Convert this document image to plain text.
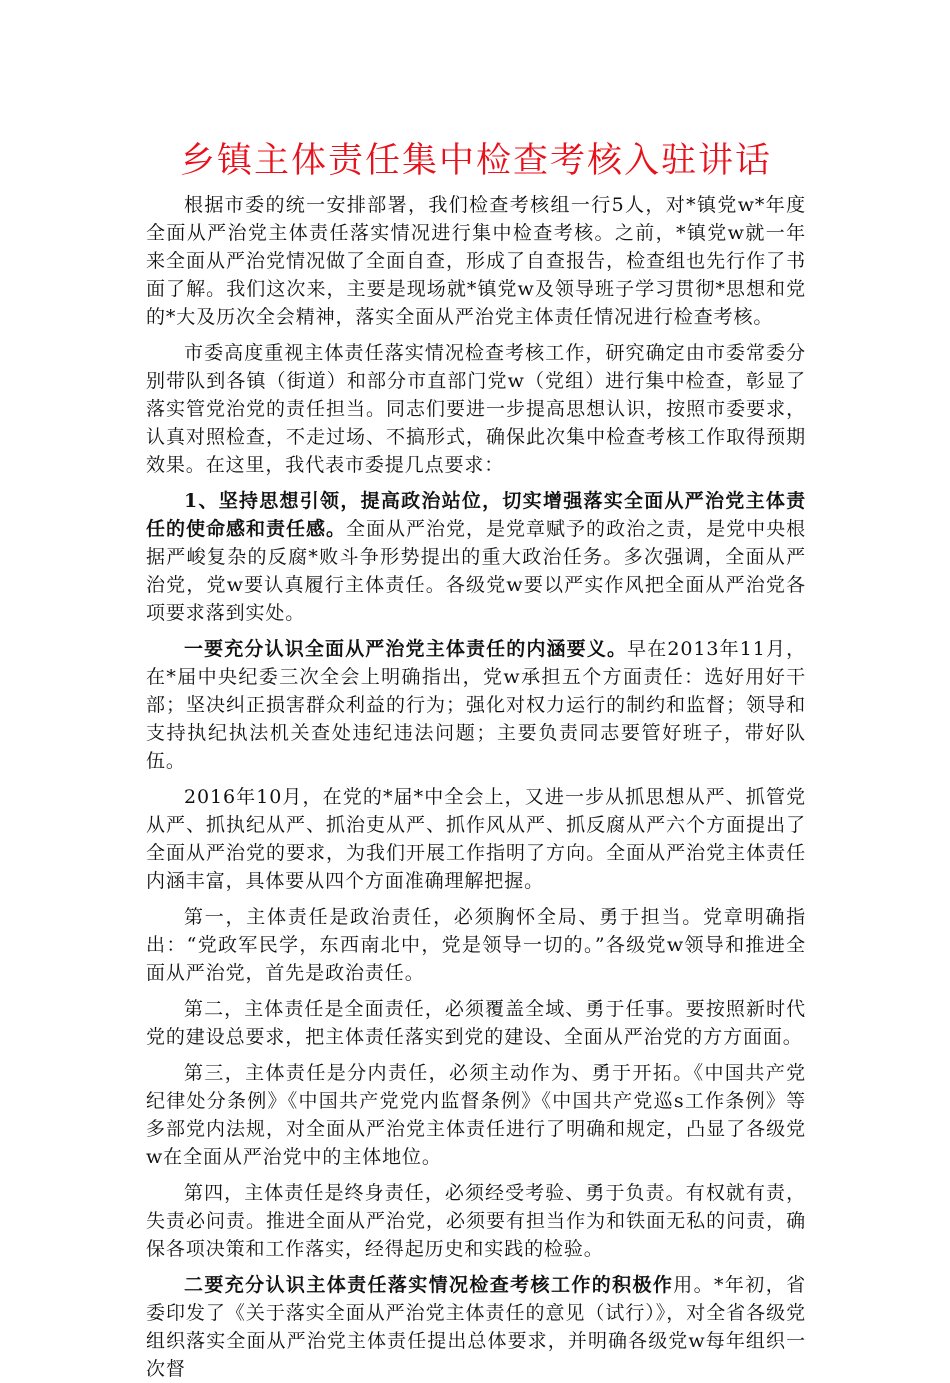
乡镇主体责任集中检查考核入驻讲话

根据市委的统一安排部署，我们检查考核组一行5人，对*镇党w*年度全面从严治党主体责任落实情况进行集中检查考核。之前，*镇党w就一年来全面从严治党情况做了全面自查，形成了自查报告，检查组也先行作了书面了解。我们这次来，主要是现场就*镇党w及领导班子学习贯彻*思想和党的*大及历次全会精神，落实全面从严治党主体责任情况进行检查考核。

市委高度重视主体责任落实情况检查考核工作，研究确定由市委常委分别带队到各镇（街道）和部分市直部门党w（党组）进行集中检查，彰显了落实管党治党的责任担当。同志们要进一步提高思想认识，按照市委要求，认真对照检查，不走过场、不搞形式，确保此次集中检查考核工作取得预期效果。在这里，我代表市委提几点要求：

1、坚持思想引领，提高政治站位，切实增强落实全面从严治党主体责任的使命感和责任感。全面从严治党，是党章赋予的政治之责，是党中央根据严峻复杂的反腐*败斗争形势提出的重大政治任务。多次强调，全面从严治党，党w要认真履行主体责任。各级党w要以严实作风把全面从严治党各项要求落到实处。

一要充分认识全面从严治党主体责任的内涵要义。早在2013年11月，在*届中央纪委三次全会上明确指出，党w承担五个方面责任：选好用好干部；坚决纠正损害群众利益的行为；强化对权力运行的制约和监督；领导和支持执纪执法机关查处违纪违法问题；主要负责同志要管好班子，带好队伍。

2016年10月，在党的*届*中全会上，又进一步从抓思想从严、抓管党从严、抓执纪从严、抓治吏从严、抓作风从严、抓反腐从严六个方面提出了全面从严治党的要求，为我们开展工作指明了方向。全面从严治党主体责任内涵丰富，具体要从四个方面准确理解把握。

第一，主体责任是政治责任，必须胸怀全局、勇于担当。党章明确指出：“党政军民学，东西南北中，党是领导一切的。”各级党w领导和推进全面从严治党，首先是政治责任。

第二，主体责任是全面责任，必须覆盖全域、勇于任事。要按照新时代党的建设总要求，把主体责任落实到党的建设、全面从严治党的方方面面。

第三，主体责任是分内责任，必须主动作为、勇于开拓。《中国共产党纪律处分条例》《中国共产党党内监督条例》《中国共产党巡s工作条例》等多部党内法规，对全面从严治党主体责任进行了明确和规定，凸显了各级党w在全面从严治党中的主体地位。

第四，主体责任是终身责任，必须经受考验、勇于负责。有权就有责，失责必问责。推进全面从严治党，必须要有担当作为和铁面无私的问责，确保各项决策和工作落实，经得起历史和实践的检验。

二要充分认识主体责任落实情况检查考核工作的积极作用。*年初，省委印发了《关于落实全面从严治党主体责任的意见（试行）》，对全省各级党组织落实全面从严治党主体责任提出总体要求，并明确各级党w每年组织一次督
